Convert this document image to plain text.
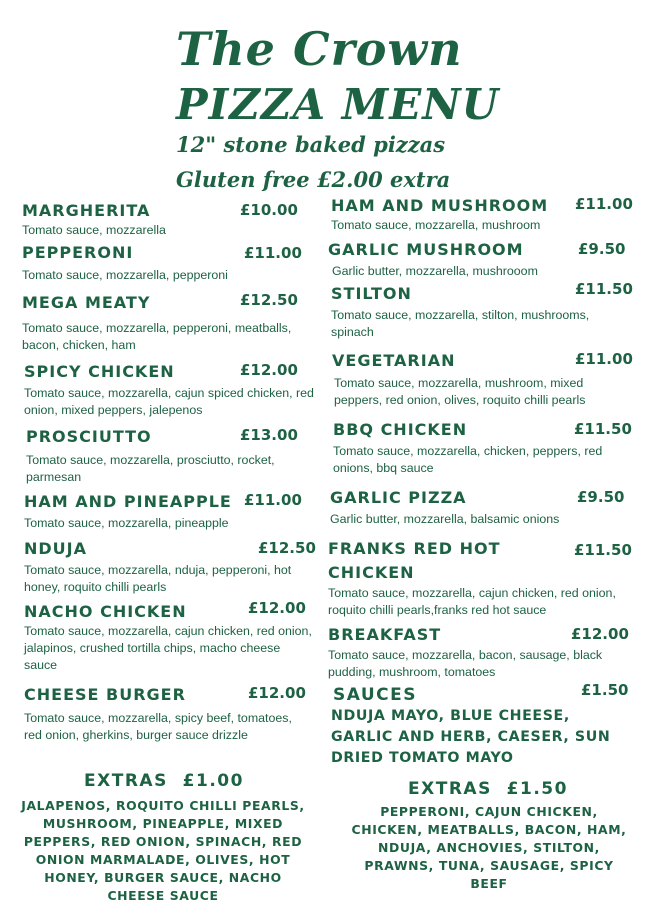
The Crown
PIZZA MENU
12" stone baked pizzas
Gluten free £2.00 extra
MARGHERITA
Tomato sauce, mozzarella
£10.00
PEPPERONI
Tomato sauce, mozzarella, pepperoni
£11.00
MEGA MEATY
Tomato sauce, mozzarella, pepperoni, meatballs, bacon, chicken, ham
£12.50
SPICY CHICKEN
Tomato sauce, mozzarella, cajun spiced chicken, red onion, mixed peppers, jalepenos
£12.00
PROSCIUTTO
Tomato sauce, mozzarella, prosciutto, rocket, parmesan
£13.00
HAM AND PINEAPPLE
Tomato sauce, mozzarella, pineapple
£11.00
NDUJA
Tomato sauce, mozzarella, nduja, pepperoni, hot honey, roquito chilli pearls
£12.50
NACHO CHICKEN
Tomato sauce, mozzarella, cajun chicken, red onion, jalapinos, crushed tortilla chips, macho cheese sauce
£12.00
CHEESE BURGER
Tomato sauce, mozzarella, spicy beef, tomatoes, red onion, gherkins, burger sauce drizzle
£12.00
EXTRAS £1.00
JALAPENOS, ROQUITO CHILLI PEARLS, MUSHROOM, PINEAPPLE, MIXED PEPPERS, RED ONION, SPINACH, RED ONION MARMALADE, OLIVES, HOT HONEY, BURGER SAUCE, NACHO CHEESE SAUCE
HAM AND MUSHROOM
Tomato sauce, mozzarella, mushroom
£11.00
GARLIC MUSHROOM
Garlic butter, mozzarella, mushrooom
£9.50
STILTON
Tomato sauce, mozzarella, stilton, mushrooms, spinach
£11.50
VEGETARIAN
Tomato sauce, mozzarella, mushroom, mixed peppers, red onion, olives, roquito chilli pearls
£11.00
BBQ CHICKEN
Tomato sauce, mozzarella, chicken, peppers, red onions, bbq sauce
£11.50
GARLIC PIZZA
Garlic butter, mozzarella, balsamic onions
£9.50
FRANKS RED HOT CHICKEN
Tomato sauce, mozzarella, cajun chicken, red onion, roquito chilli pearls,franks red hot sauce
£11.50
BREAKFAST
Tomato sauce, mozzarella, bacon, sausage, black pudding, mushroom, tomatoes
£12.00
SAUCES	£1.50
NDUJA MAYO, BLUE CHEESE, GARLIC AND HERB, CAESER, SUN DRIED TOMATO MAYO
EXTRAS £1.50
PEPPERONI, CAJUN CHICKEN, CHICKEN, MEATBALLS, BACON, HAM, NDUJA, ANCHOVIES, STILTON, PRAWNS, TUNA, SAUSAGE, SPICY BEEF
